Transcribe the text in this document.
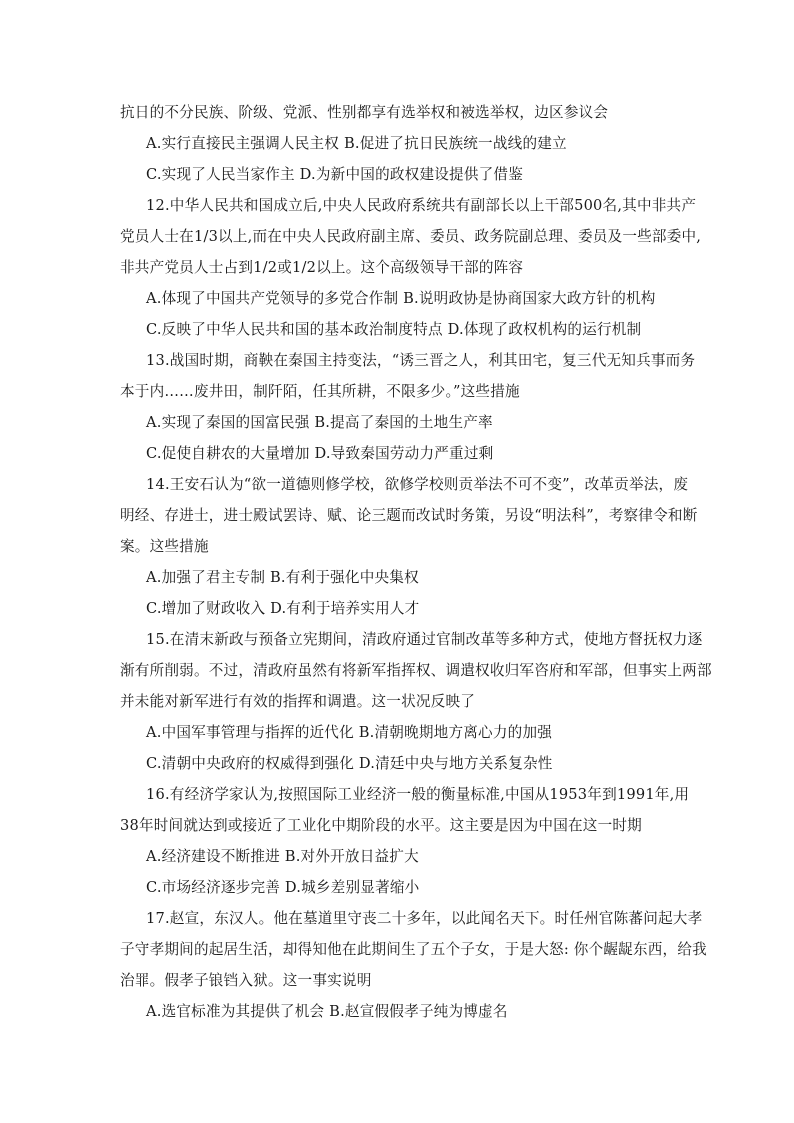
抗日的不分民族、阶级、党派、性别都享有选举权和被选举权，边区参议会
A.实行直接民主强调人民主权 B.促进了抗日民族统一战线的建立
C.实现了人民当家作主 D.为新中国的政权建设提供了借鉴
12.中华人民共和国成立后,中央人民政府系统共有副部长以上干部500名,其中非共产
党员人士在1/3以上,而在中央人民政府副主席、委员、政务院副总理、委员及一些部委中,
非共产党员人士占到1/2或1/2以上。这个高级领导干部的阵容
A.体现了中国共产党领导的多党合作制 B.说明政协是协商国家大政方针的机构
C.反映了中华人民共和国的基本政治制度特点 D.体现了政权机构的运行机制
13.战国时期，商鞅在秦国主持变法，“诱三晋之人，利其田宅，复三代无知兵事而务
本于内……废井田，制阡陌，任其所耕，不限多少。”这些措施
A.实现了秦国的国富民强 B.提高了秦国的土地生产率
C.促使自耕农的大量增加 D.导致秦国劳动力严重过剩
14.王安石认为“欲一道德则修学校，欲修学校则贡举法不可不变”，改革贡举法，废
明经、存进士，进士殿试罢诗、赋、论三题而改试时务策，另设“明法科”，考察律令和断
案。这些措施
A.加强了君主专制 B.有利于强化中央集权
C.增加了财政收入 D.有利于培养实用人才
15.在清末新政与预备立宪期间，清政府通过官制改革等多种方式，使地方督抚权力逐
渐有所削弱。不过，清政府虽然有将新军指挥权、调遣权收归军咨府和军部，但事实上两部
并未能对新军进行有效的指挥和调遣。这一状况反映了
A.中国军事管理与指挥的近代化 B.清朝晚期地方离心力的加强
C.清朝中央政府的权威得到强化 D.清廷中央与地方关系复杂性
16.有经济学家认为,按照国际工业经济一般的衡量标准,中国从1953年到1991年,用
38年时间就达到或接近了工业化中期阶段的水平。这主要是因为中国在这一时期
A.经济建设不断推进 B.对外开放日益扩大
C.市场经济逐步完善 D.城乡差别显著缩小
17.赵宣，东汉人。他在墓道里守丧二十多年，以此闻名天下。时任州官陈蕃问起大孝
子守孝期间的起居生活，却得知他在此期间生了五个子女，于是大怒: 你个龌龊东西，给我
治罪。假孝子锒铛入狱。这一事实说明
A.选官标准为其提供了机会 B.赵宣假假孝子纯为博虚名
